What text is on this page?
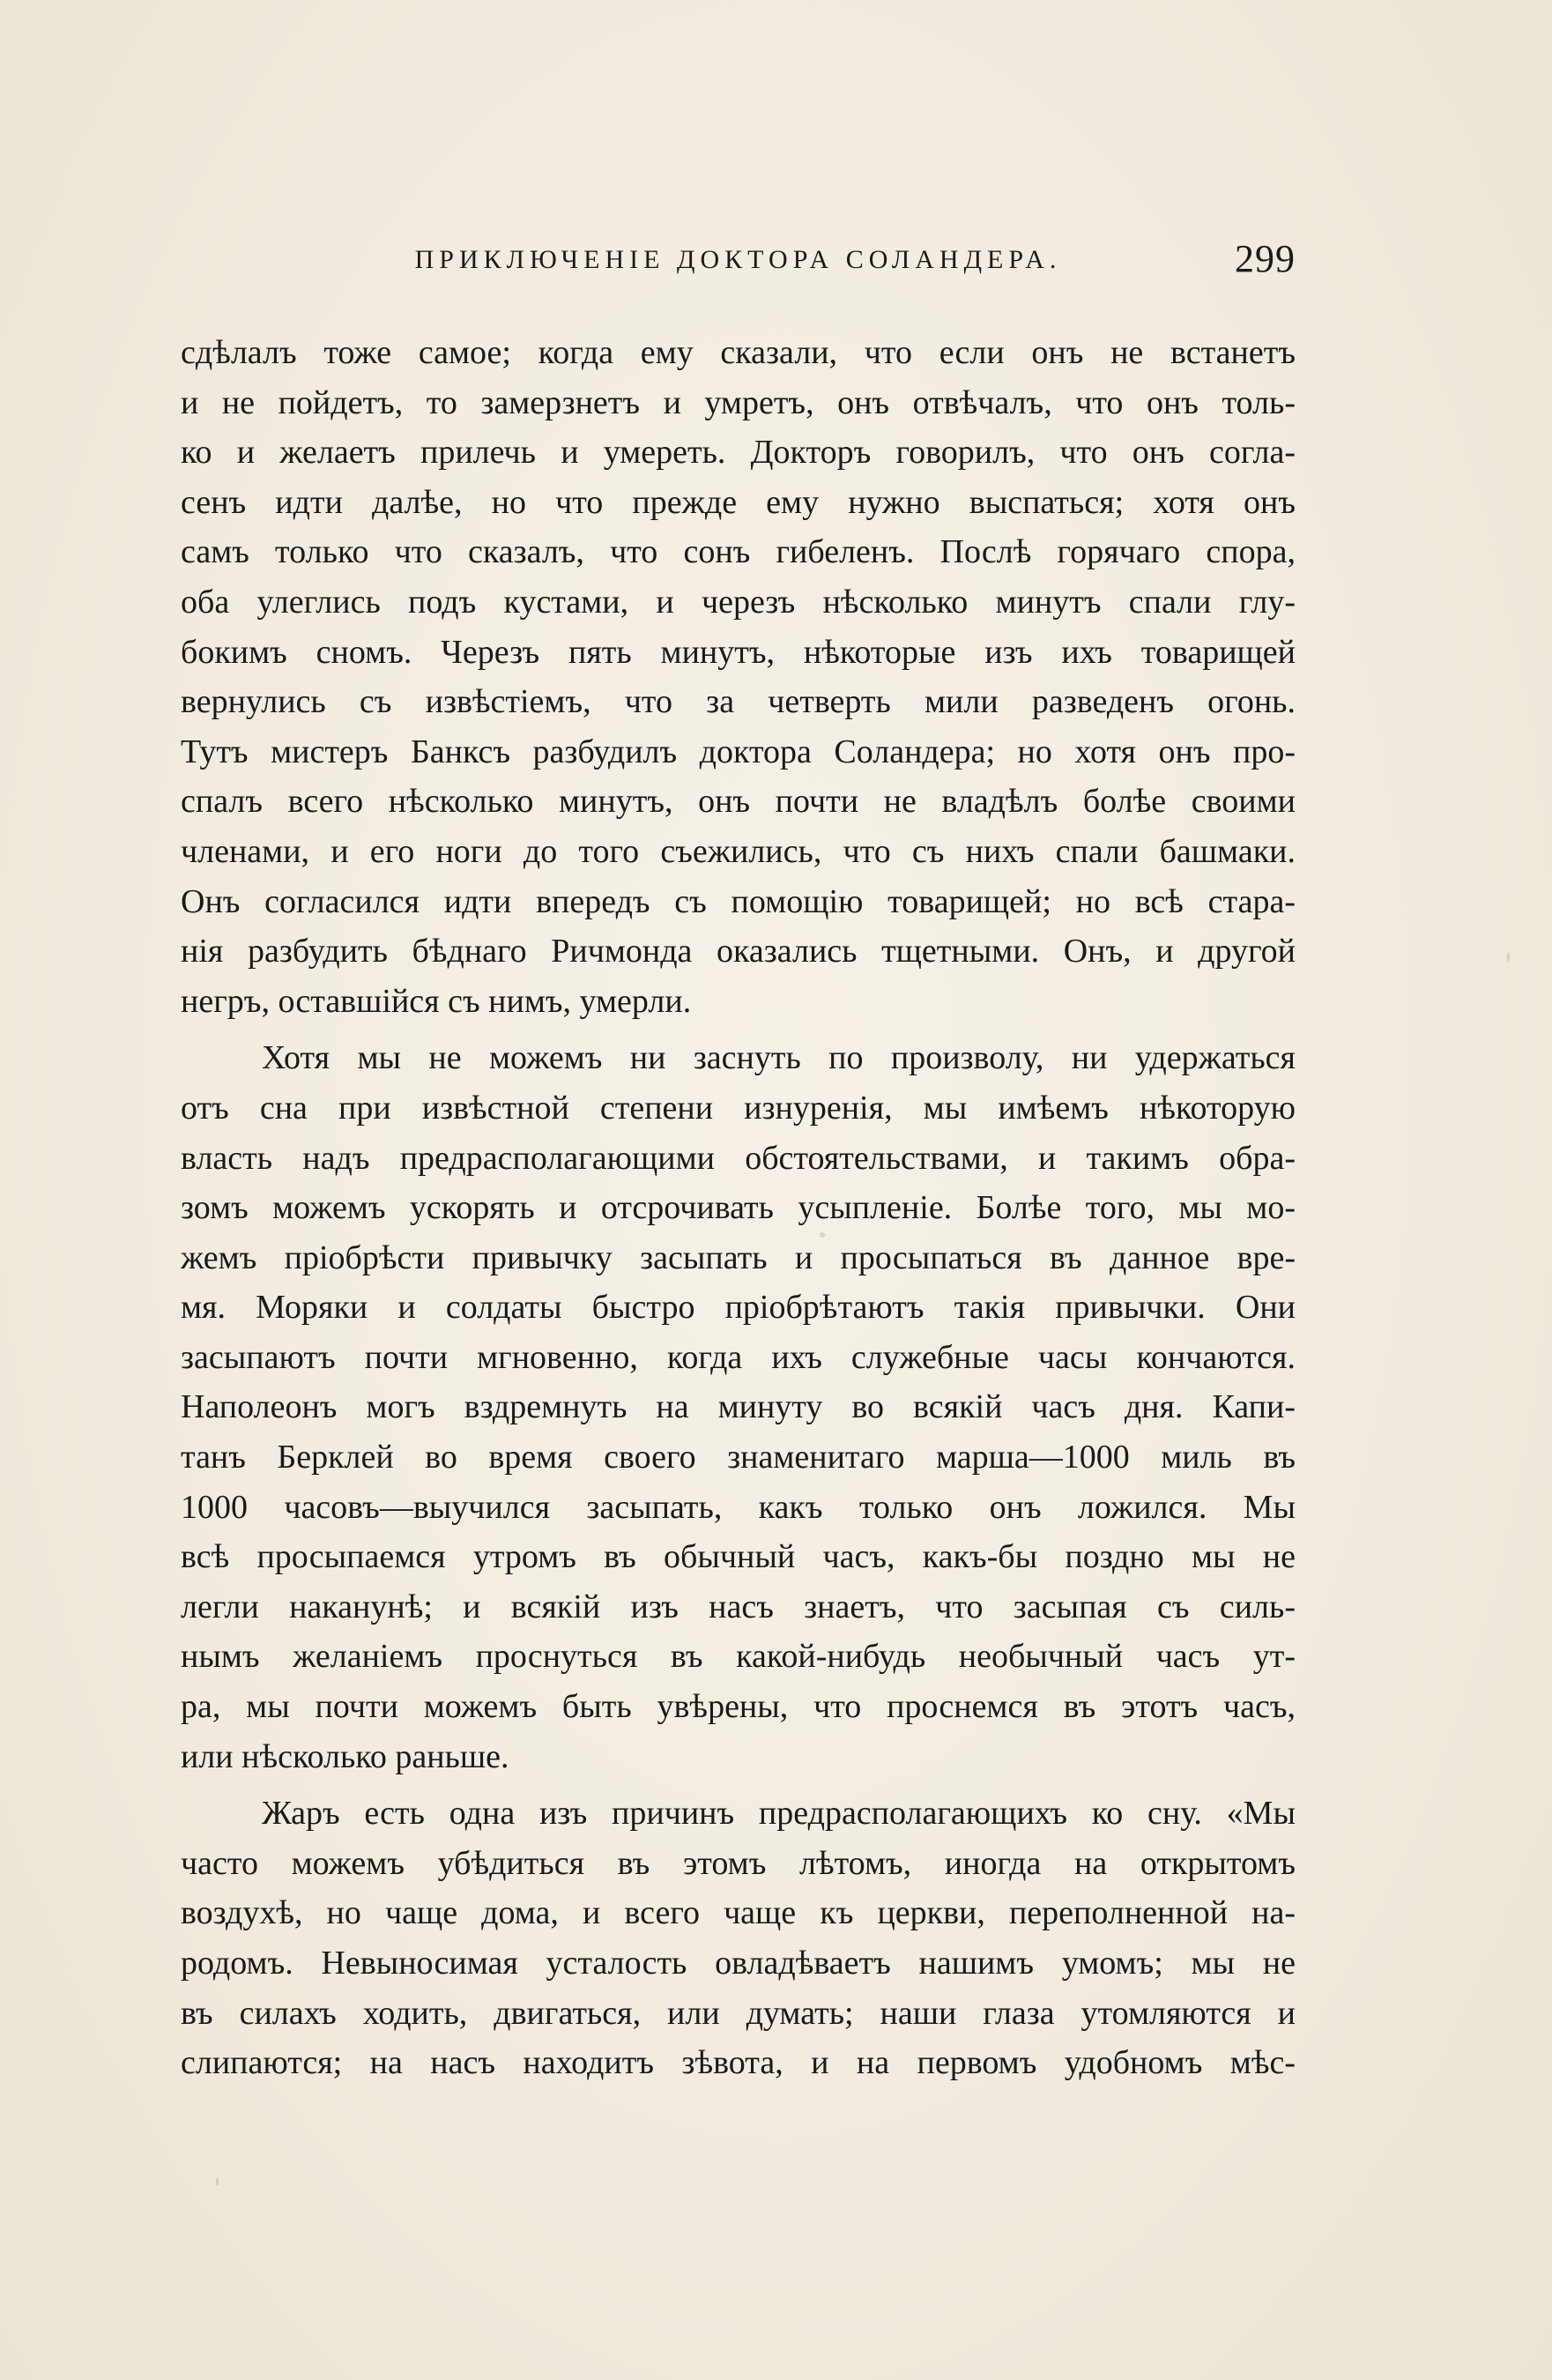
ПРИКЛЮЧЕНІЕ ДОКТОРА СОЛАНДЕРА.	299
сдѣлалъ тоже самое; когда ему сказали, что если онъ не встанетъ
и не пойдетъ, то замерзнетъ и умретъ, онъ отвѣчалъ, что онъ толь-
ко и желаетъ прилечь и умереть. Докторъ говорилъ, что онъ согла-
сенъ идти далѣе, но что прежде ему нужно выспаться; хотя онъ
самъ только что сказалъ, что сонъ гибеленъ. Послѣ горячаго спора,
оба улеглись подъ кустами, и черезъ нѣсколько минутъ спали глу-
бокимъ сномъ. Черезъ пять минутъ, нѣкоторые изъ ихъ товарищей
вернулись съ извѣстіемъ, что за четверть мили разведенъ огонь.
Тутъ мистеръ Банксъ разбудилъ доктора Соландера; но хотя онъ про-
спалъ всего нѣсколько минутъ, онъ почти не владѣлъ болѣе своими
членами, и его ноги до того съежились, что съ нихъ спали башмаки.
Онъ согласился идти впередъ съ помощію товарищей; но всѣ стара-
нія разбудить бѣднаго Ричмонда оказались тщетными. Онъ, и другой
негръ, оставшійся съ нимъ, умерли.
Хотя мы не можемъ ни заснуть по произволу, ни удержаться
отъ сна при извѣстной степени изнуренія, мы имѣемъ нѣкоторую
власть надъ предрасполагающими обстоятельствами, и такимъ обра-
зомъ можемъ ускорять и отсрочивать усыпленіе. Болѣе того, мы мо-
жемъ пріобрѣсти привычку засыпать и просыпаться въ данное вре-
мя. Моряки и солдаты быстро пріобрѣтаютъ такія привычки. Они
засыпаютъ почти мгновенно, когда ихъ служебные часы кончаются.
Наполеонъ могъ вздремнуть на минуту во всякій часъ дня. Капи-
танъ Берклей во время своего знаменитаго марша—1000 миль въ
1000 часовъ—выучился засыпать, какъ только онъ ложился. Мы
всѣ просыпаемся утромъ въ обычный часъ, какъ-бы поздно мы не
легли наканунѣ; и всякій изъ насъ знаетъ, что засыпая съ силь-
нымъ желаніемъ проснуться въ какой-нибудь необычный часъ ут-
ра, мы почти можемъ быть увѣрены, что проснемся въ этотъ часъ,
или нѣсколько раньше.
Жаръ есть одна изъ причинъ предрасполагающихъ ко сну. «Мы
часто можемъ убѣдиться въ этомъ лѣтомъ, иногда на открытомъ
воздухѣ, но чаще дома, и всего чаще къ церкви, переполненной на-
родомъ. Невыносимая усталость овладѣваетъ нашимъ умомъ; мы не
въ силахъ ходить, двигаться, или думать; наши глаза утомляются и
слипаются; на насъ находитъ зѣвота, и на первомъ удобномъ мѣс-
